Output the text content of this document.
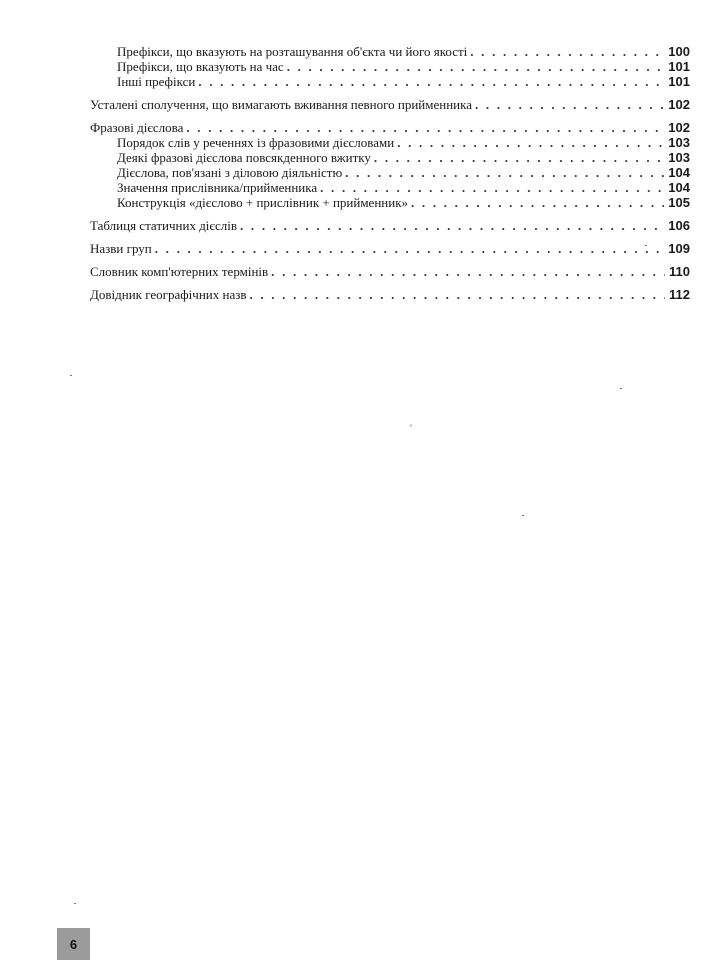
Префікси, що вказують на розташування об'єкта чи його якості . . .	100
Префікси, що вказують на час . . .	101
Інші префікси . . .	101
Усталені сполучення, що вимагають вживання певного прийменника . . .	102
Фразові дієслова . . .	102
Порядок слів у реченнях із фразовими дієсловами . . .	103
Деякі фразові дієслова повсякденного вжитку . . .	103
Дієслова, пов'язані з діловою діяльністю . . .	104
Значення прислівника/прийменника . . .	104
Конструкція «дієслово + прислівник + прийменник» . . .	105
Таблиця статичних дієслів . . .	106
Назви груп . . .	109
Словник комп'ютерних термінів . . .	110
Довідник географічних назв . . .	112
6
